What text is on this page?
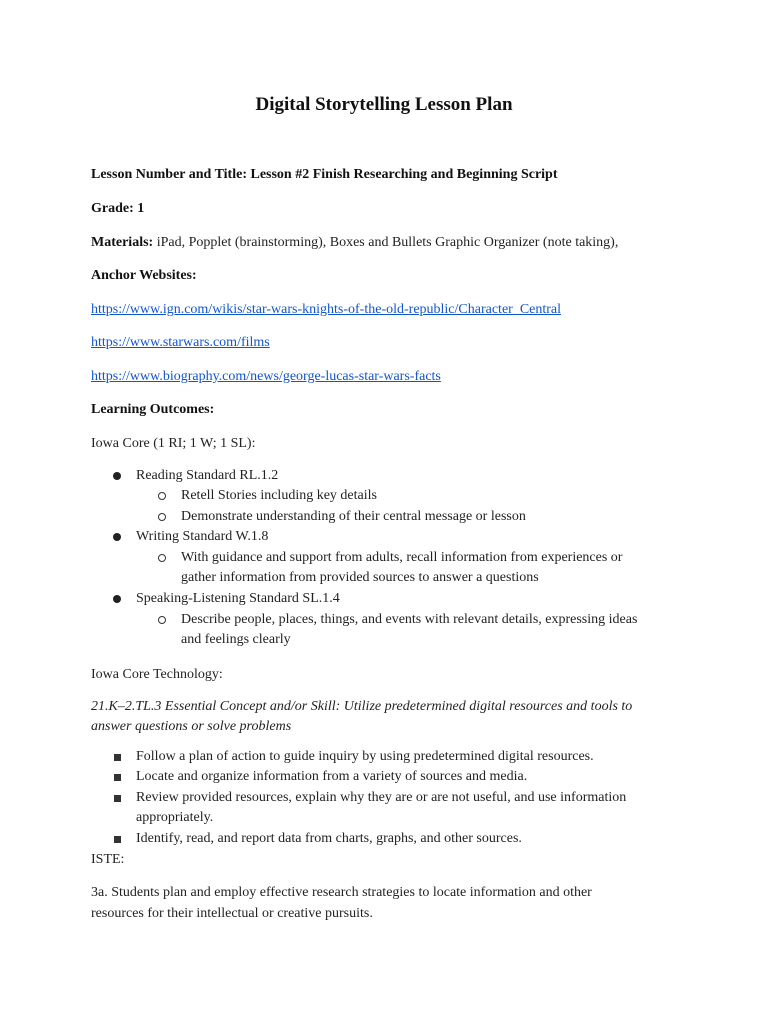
Digital Storytelling Lesson Plan
Lesson Number and Title: Lesson #2 Finish Researching and Beginning Script
Grade: 1
Materials: iPad, Popplet (brainstorming), Boxes and Bullets Graphic Organizer (note taking),
Anchor Websites:
https://www.ign.com/wikis/star-wars-knights-of-the-old-republic/Character_Central
https://www.starwars.com/films
https://www.biography.com/news/george-lucas-star-wars-facts
Learning Outcomes:
Iowa Core (1 RI; 1 W; 1 SL):
Reading Standard RL.1.2
Retell Stories including key details
Demonstrate understanding of their central message or lesson
Writing Standard W.1.8
With guidance and support from adults, recall information from experiences or
gather information from provided sources to answer a questions
Speaking-Listening Standard SL.1.4
Describe people, places, things, and events with relevant details, expressing ideas
and feelings clearly
Iowa Core Technology:
21.K–2.TL.3 Essential Concept and/or Skill: Utilize predetermined digital resources and tools to
answer questions or solve problems
Follow a plan of action to guide inquiry by using predetermined digital resources.
Locate and organize information from a variety of sources and media.
Review provided resources, explain why they are or are not useful, and use information
appropriately.
Identify, read, and report data from charts, graphs, and other sources.
ISTE:
3a. Students plan and employ effective research strategies to locate information and other
resources for their intellectual or creative pursuits.
